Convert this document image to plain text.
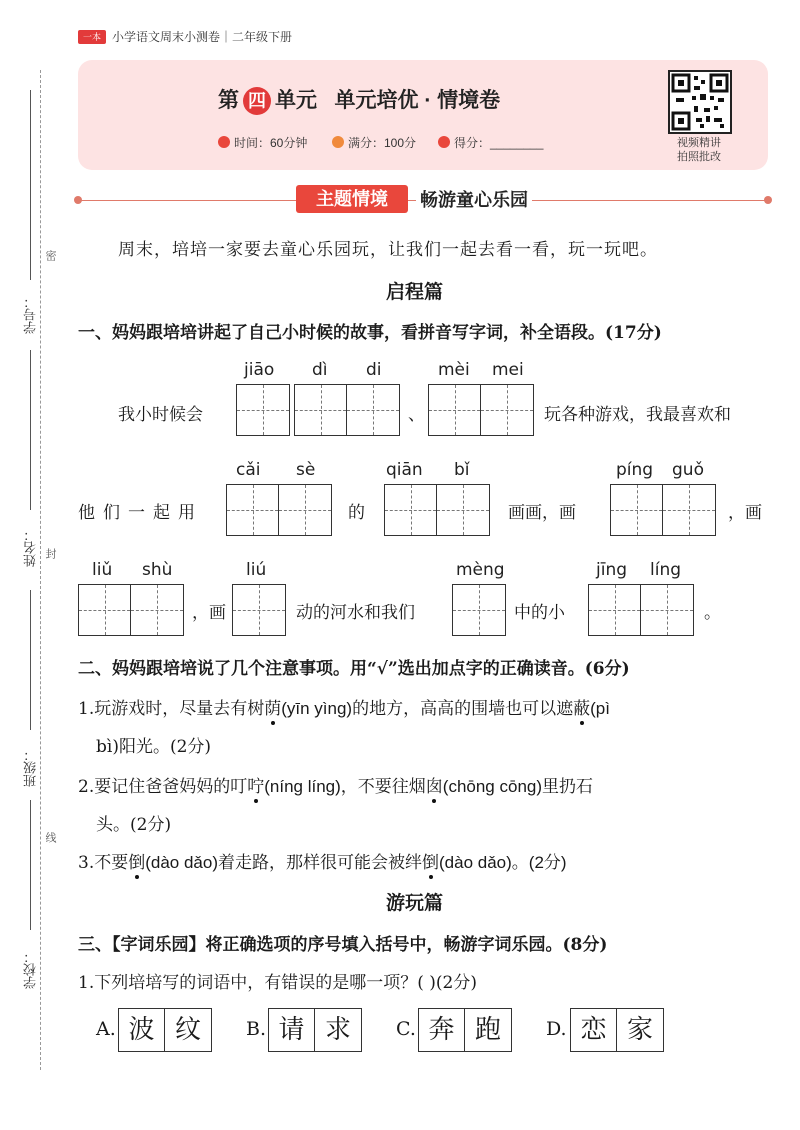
密
封
线
学号：
姓名：
班级：
学校：
一本 小学语文周末小测卷｜二年级下册
第 四 单元 单元培优 · 情境卷
时间：60分钟	满分：100分	得分：________	视频精讲
拍照批改
主题情境	畅游童心乐园
周末，培培一家要去童心乐园玩，让我们一起去看一看，玩一玩吧。
启程篇
一、妈妈跟培培讲起了自己小时候的故事，看拼音写字词，补全语段。(17分)
jiāo dì di	mèi mei
我小时候会	、	玩各种游戏，我最喜欢和
cǎi sè	qiān bǐ	píng guǒ
他们一起用	的	画画，画	，画
liǔ shù	liú	mèng	jīng líng
，画	动的河水和我们	中的小	。
二、妈妈跟培培说了几个注意事项。用“√”选出加点字的正确读音。(6分)
1.玩游戏时，尽量去有树荫(yīn yìng)的地方，高高的围墙也可以遮蔽(pì
bì)阳光。(2分)
2.要记住爸爸妈妈的叮咛(níng líng)，不要往烟囱(chōng cōng)里扔石
头。(2分)
3.不要倒(dào dǎo)着走路，那样很可能会被绊倒(dào dǎo)。(2分)
游玩篇
三、【字词乐园】将正确选项的序号填入括号中，畅游字词乐园。(8分)
1.下列培培写的词语中，有错误的是哪一项？( )(2分)
A. 波 纹	B. 请 求	C. 奔 跑	D. 恋 家
